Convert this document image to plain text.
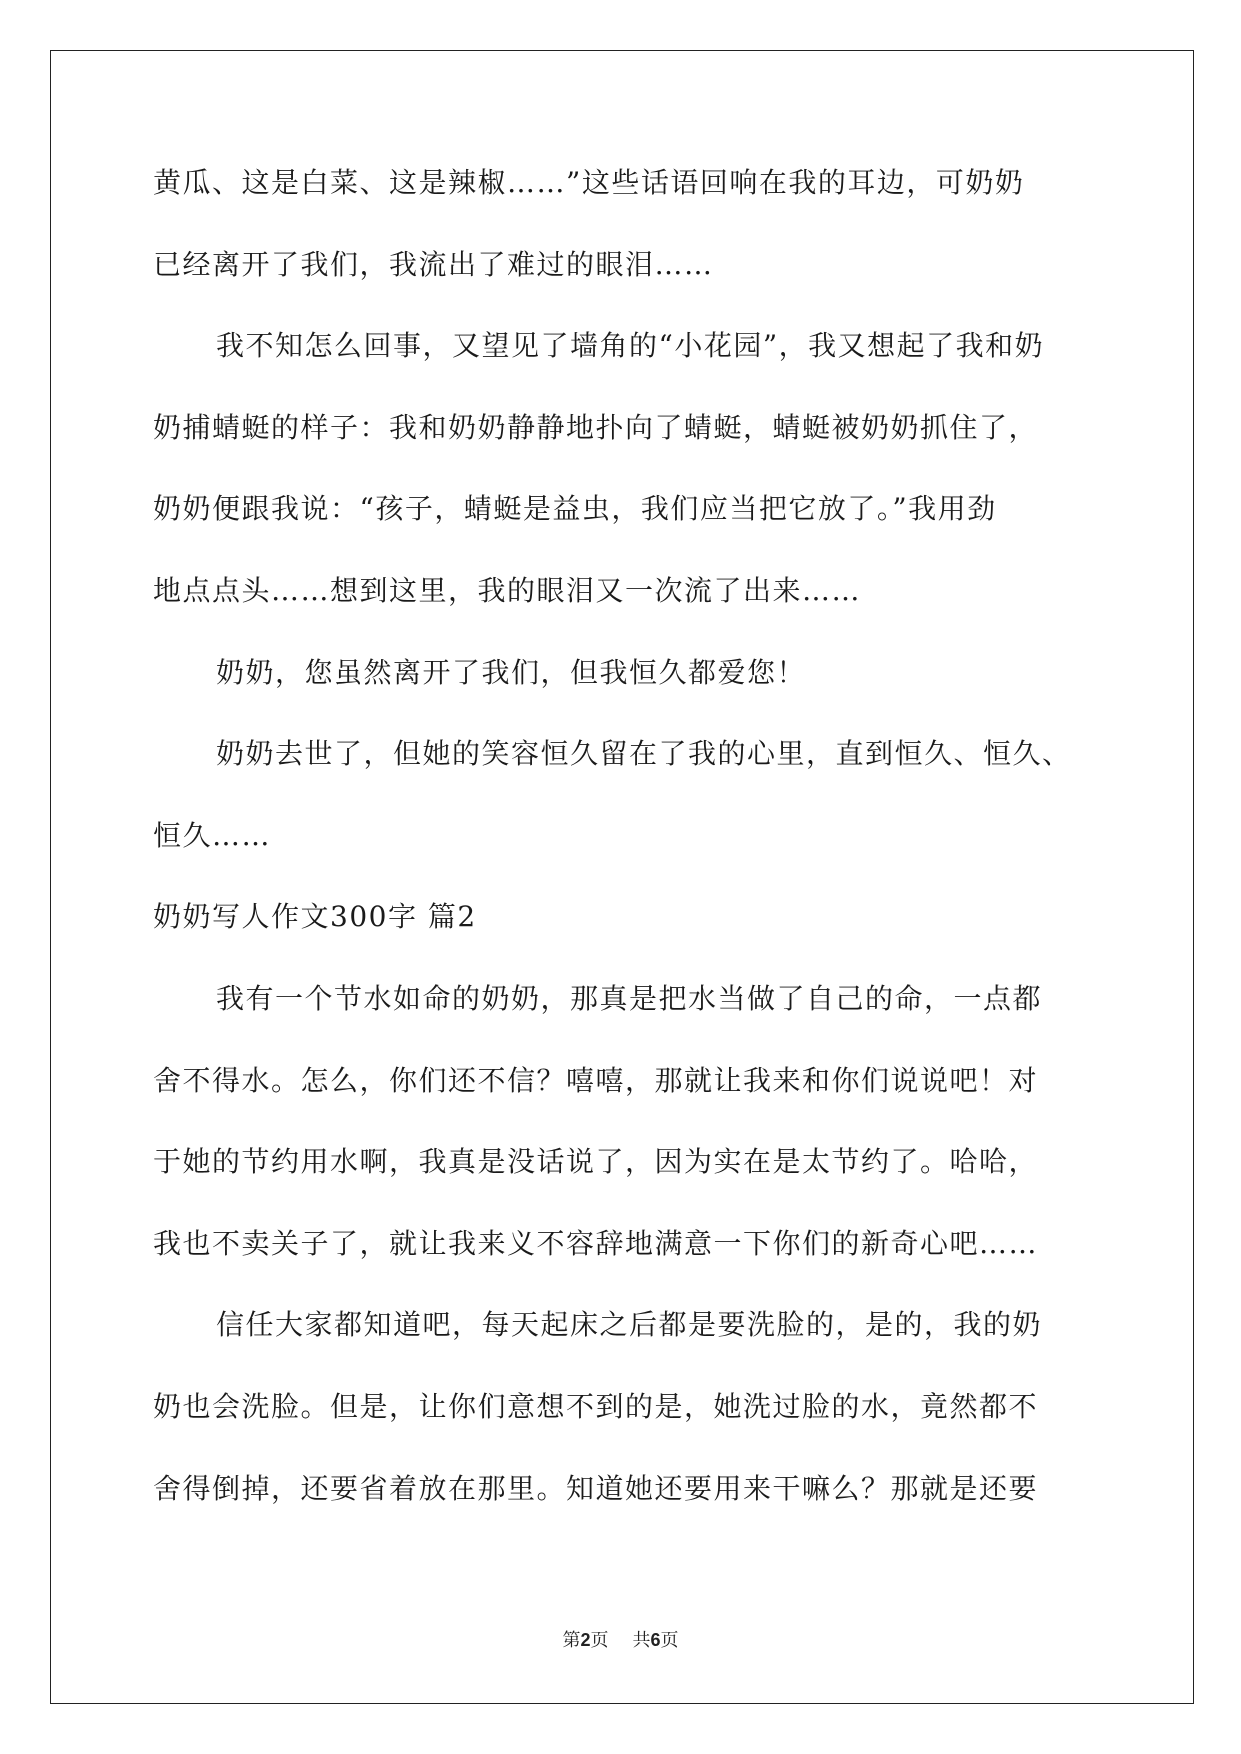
黄瓜、这是白菜、这是辣椒……”这些话语回响在我的耳边，可奶奶
已经离开了我们，我流出了难过的眼泪……
我不知怎么回事，又望见了墙角的“小花园”，我又想起了我和奶
奶捕蜻蜓的样子：我和奶奶静静地扑向了蜻蜓，蜻蜓被奶奶抓住了，
奶奶便跟我说：“孩子，蜻蜓是益虫，我们应当把它放了。”我用劲
地点点头……想到这里，我的眼泪又一次流了出来……
奶奶，您虽然离开了我们，但我恒久都爱您！
奶奶去世了，但她的笑容恒久留在了我的心里，直到恒久、恒久、
恒久……
奶奶写人作文300字 篇2
我有一个节水如命的奶奶，那真是把水当做了自己的命，一点都
舍不得水。怎么，你们还不信？嘻嘻，那就让我来和你们说说吧！对
于她的节约用水啊，我真是没话说了，因为实在是太节约了。哈哈，
我也不卖关子了，就让我来义不容辞地满意一下你们的新奇心吧……
信任大家都知道吧，每天起床之后都是要洗脸的，是的，我的奶
奶也会洗脸。但是，让你们意想不到的是，她洗过脸的水，竟然都不
舍得倒掉，还要省着放在那里。知道她还要用来干嘛么？那就是还要
第2页 共6页
